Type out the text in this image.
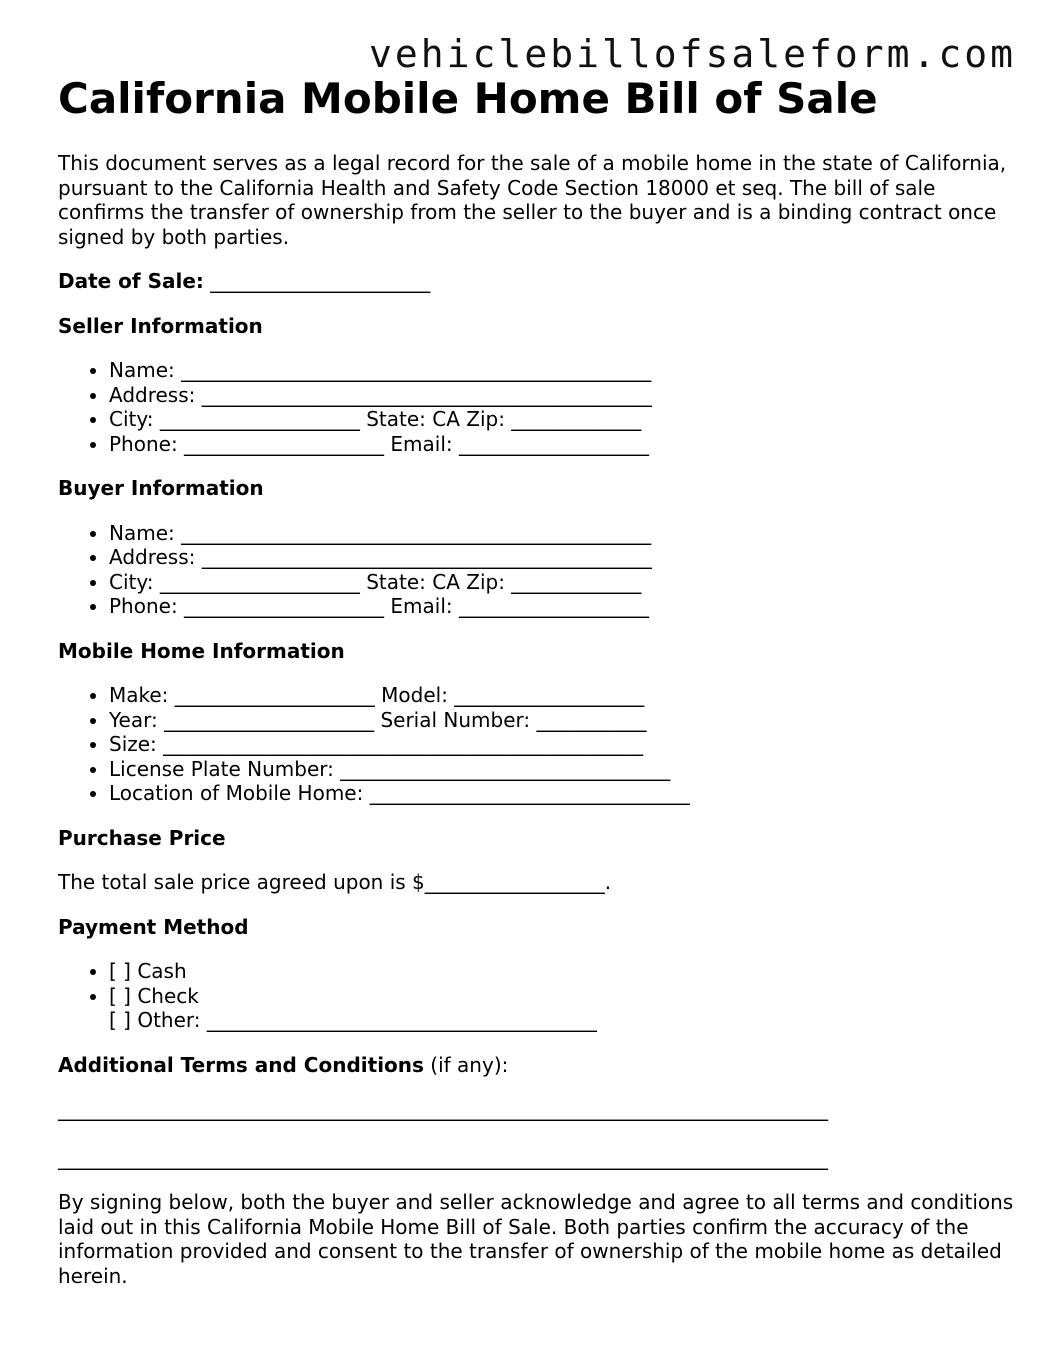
vehiclebillofsaleform.com
California Mobile Home Bill of Sale

This document serves as a legal record for the sale of a mobile home in the state of California, pursuant to the California Health and Safety Code Section 18000 et seq. The bill of sale confirms the transfer of ownership from the seller to the buyer and is a binding contract once signed by both parties.

Date of Sale: ______________________

Seller Information

Name: _______________________________________________
Address: _____________________________________________
City: ____________________ State: CA Zip: _____________
Phone: ____________________ Email: ___________________

Buyer Information

Name: _______________________________________________
Address: _____________________________________________
City: ____________________ State: CA Zip: _____________
Phone: ____________________ Email: ___________________

Mobile Home Information

Make: ____________________ Model: ___________________
Year: _____________________ Serial Number: ___________
Size: ________________________________________________
License Plate Number: _________________________________
Location of Mobile Home: ________________________________

Purchase Price

The total sale price agreed upon is $__________________.

Payment Method

[ ] Cash
[ ] Check
[ ] Other: _______________________________________

Additional Terms and Conditions (if any):

_____________________________________________________________________________

_____________________________________________________________________________

By signing below, both the buyer and seller acknowledge and agree to all terms and conditions laid out in this California Mobile Home Bill of Sale. Both parties confirm the accuracy of the information provided and consent to the transfer of ownership of the mobile home as detailed herein.
